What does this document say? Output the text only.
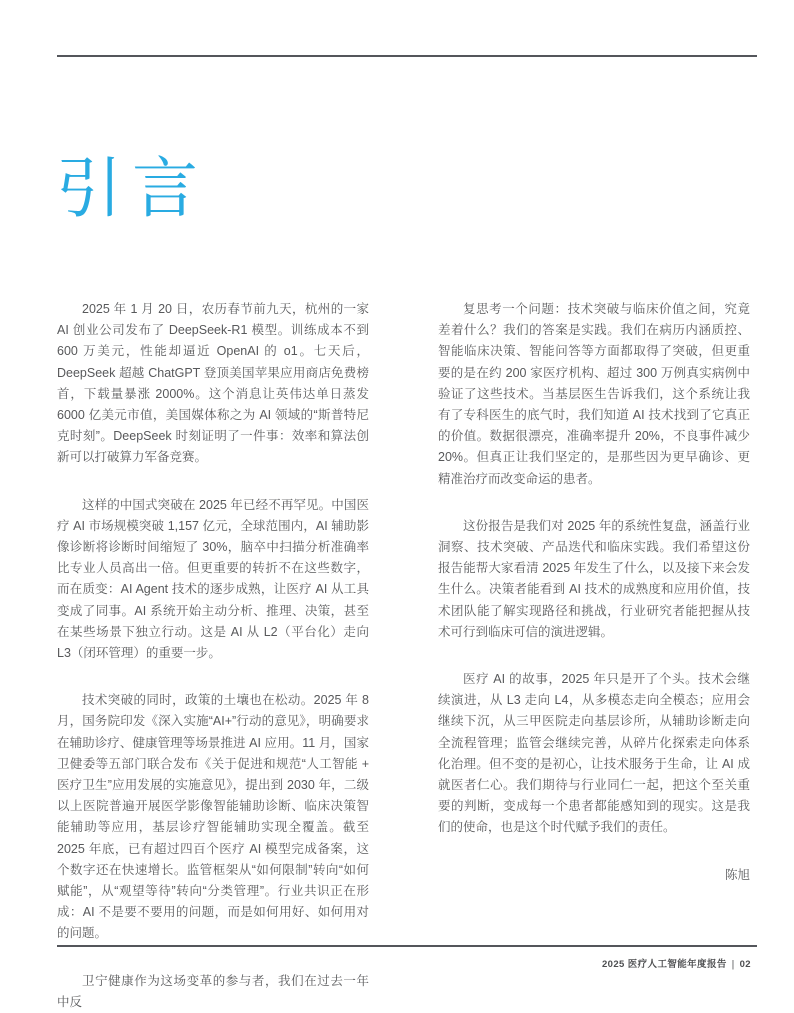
引言

2025 年 1 月 20 日，农历春节前九天，杭州的一家 AI 创业公司发布了 DeepSeek-R1 模型。训练成本不到 600 万美元，性能却逼近 OpenAI 的 o1。七天后，DeepSeek 超越 ChatGPT 登顶美国苹果应用商店免费榜首，下载量暴涨 2000%。这个消息让英伟达单日蒸发 6000 亿美元市值，美国媒体称之为 AI 领域的“斯普特尼克时刻”。DeepSeek 时刻证明了一件事：效率和算法创新可以打破算力军备竞赛。

这样的中国式突破在 2025 年已经不再罕见。中国医疗 AI 市场规模突破 1,157 亿元，全球范围内，AI 辅助影像诊断将诊断时间缩短了 30%，脑卒中扫描分析准确率比专业人员高出一倍。但更重要的转折不在这些数字，而在质变：AI Agent 技术的逐步成熟，让医疗 AI 从工具变成了同事。AI 系统开始主动分析、推理、决策，甚至在某些场景下独立行动。这是 AI 从 L2（平台化）走向 L3（闭环管理）的重要一步。

技术突破的同时，政策的土壤也在松动。2025 年 8 月，国务院印发《深入实施“AI+”行动的意见》，明确要求在辅助诊疗、健康管理等场景推进 AI 应用。11 月，国家卫健委等五部门联合发布《关于促进和规范“人工智能 + 医疗卫生”应用发展的实施意见》，提出到 2030 年，二级以上医院普遍开展医学影像智能辅助诊断、临床决策智能辅助等应用，基层诊疗智能辅助实现全覆盖。截至 2025 年底，已有超过四百个医疗 AI 模型完成备案，这个数字还在快速增长。监管框架从“如何限制”转向“如何赋能”，从“观望等待”转向“分类管理”。行业共识正在形成：AI 不是要不要用的问题，而是如何用好、如何用对的问题。

卫宁健康作为这场变革的参与者，我们在过去一年中反

复思考一个问题：技术突破与临床价值之间，究竟差着什么？我们的答案是实践。我们在病历内涵质控、智能临床决策、智能问答等方面都取得了突破，但更重要的是在约 200 家医疗机构、超过 300 万例真实病例中验证了这些技术。当基层医生告诉我们，这个系统让我有了专科医生的底气时，我们知道 AI 技术找到了它真正的价值。数据很漂亮，准确率提升 20%，不良事件减少 20%。但真正让我们坚定的，是那些因为更早确诊、更精准治疗而改变命运的患者。

这份报告是我们对 2025 年的系统性复盘，涵盖行业洞察、技术突破、产品迭代和临床实践。我们希望这份报告能帮大家看清 2025 年发生了什么，以及接下来会发生什么。决策者能看到 AI 技术的成熟度和应用价值，技术团队能了解实现路径和挑战，行业研究者能把握从技术可行到临床可信的演进逻辑。

医疗 AI 的故事，2025 年只是开了个头。技术会继续演进，从 L3 走向 L4，从多模态走向全模态；应用会继续下沉，从三甲医院走向基层诊所，从辅助诊断走向全流程管理；监管会继续完善，从碎片化探索走向体系化治理。但不变的是初心，让技术服务于生命，让 AI 成就医者仁心。我们期待与行业同仁一起，把这个至关重要的判断，变成每一个患者都能感知到的现实。这是我们的使命，也是这个时代赋予我们的责任。

陈旭

2025 医疗人工智能年度报告 | 02
